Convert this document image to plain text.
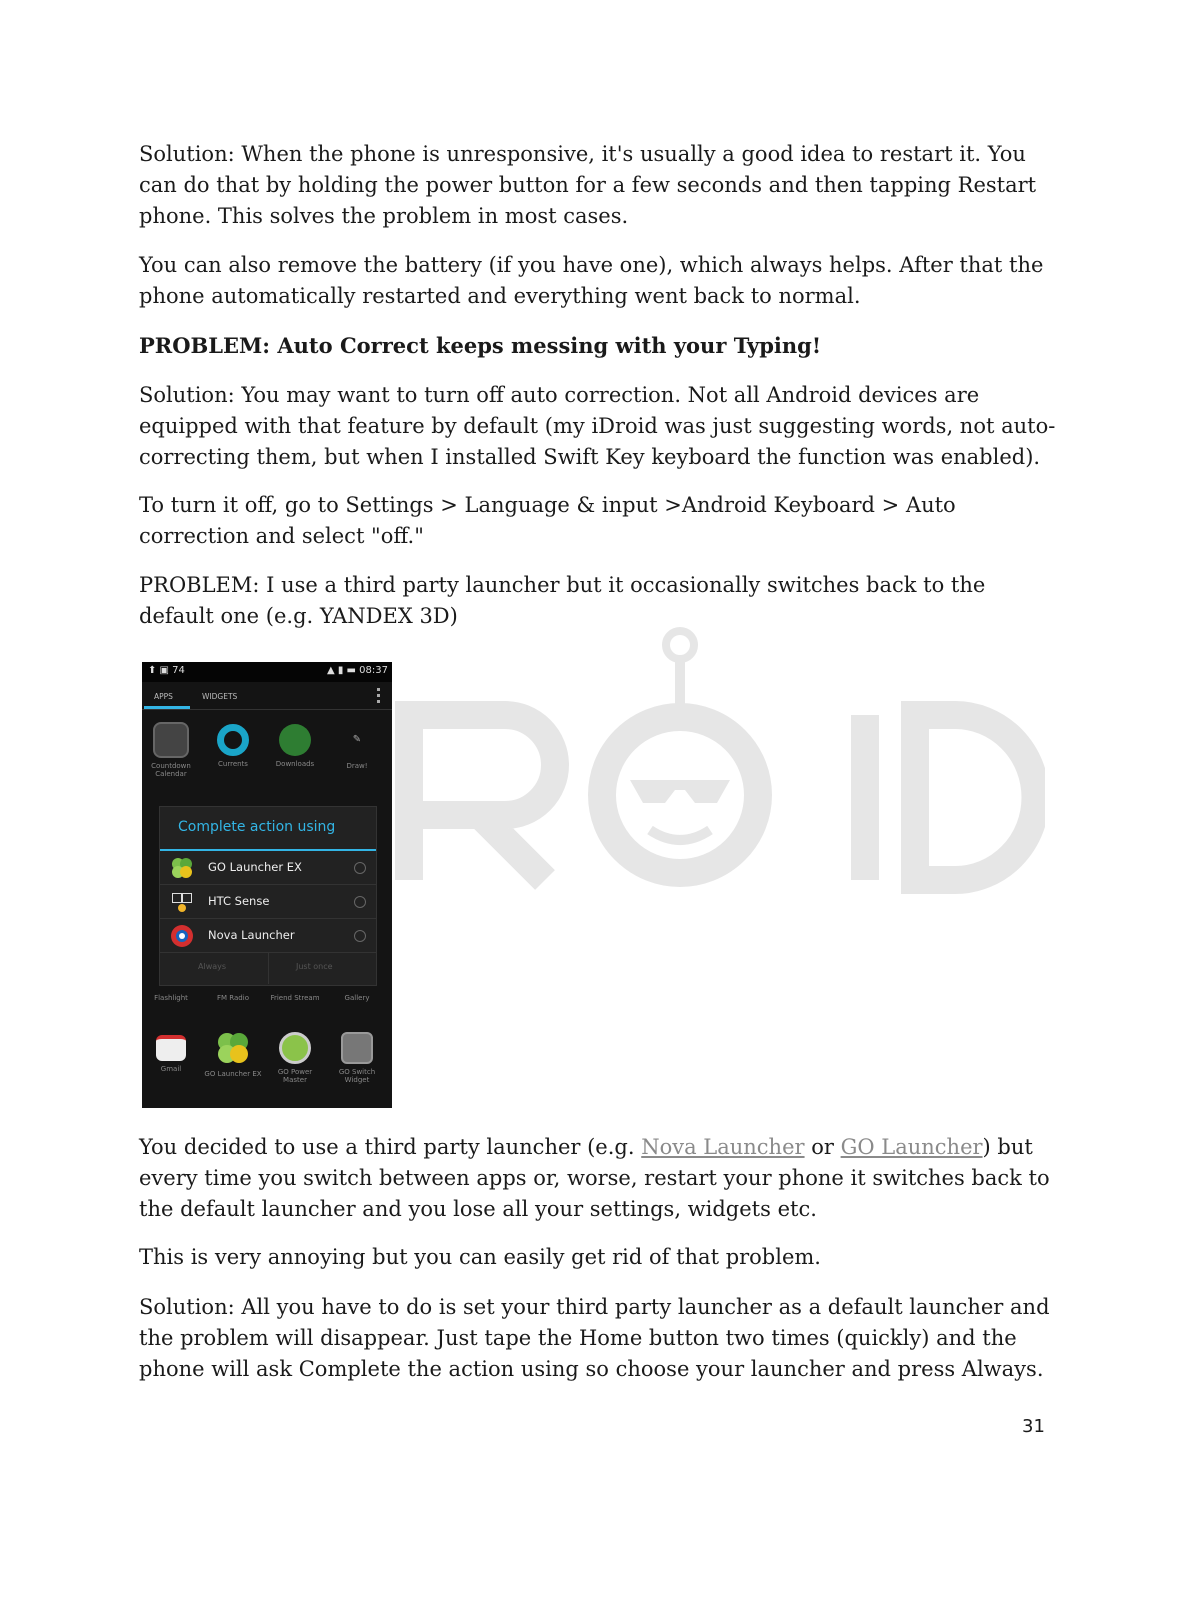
Solution: When the phone is unresponsive, it's usually a good idea to restart it. You can do that by holding the power button for a few seconds and then tapping Restart phone. This solves the problem in most cases.

You can also remove the battery (if you have one), which always helps. After that the phone automatically restarted and everything went back to normal.

PROBLEM: Auto Correct keeps messing with your Typing!

Solution: You may want to turn off auto correction. Not all Android devices are equipped with that feature by default (my iDroid was just suggesting words, not auto-correcting them, but when I installed Swift Key keyboard the function was enabled).

To turn it off, go to Settings > Language & input >Android Keyboard > Auto correction and select "off."

PROBLEM: I use a third party launcher but it occasionally switches back to the default one (e.g. YANDEX 3D)

⬆ ▣ 74	▲ ▮ ▬ 08:37
APPS	WIDGETS
Countdown Calendar
Currents	Downloads
✎
Draw!
Complete action using
GO Launcher EX
HTC Sense
Nova Launcher
Always	Just once
Flashlight	FM Radio	Friend Stream	Gallery
Gmail
GO Launcher EX	GO Power Master
GO Switch Widget

You decided to use a third party launcher (e.g. Nova Launcher or GO Launcher) but every time you switch between apps or, worse, restart your phone it switches back to the default launcher and you lose all your settings, widgets etc.

This is very annoying but you can easily get rid of that problem.

Solution: All you have to do is set your third party launcher as a default launcher and the problem will disappear. Just tape the Home button two times (quickly) and the phone will ask Complete the action using so choose your launcher and press Always.

31
